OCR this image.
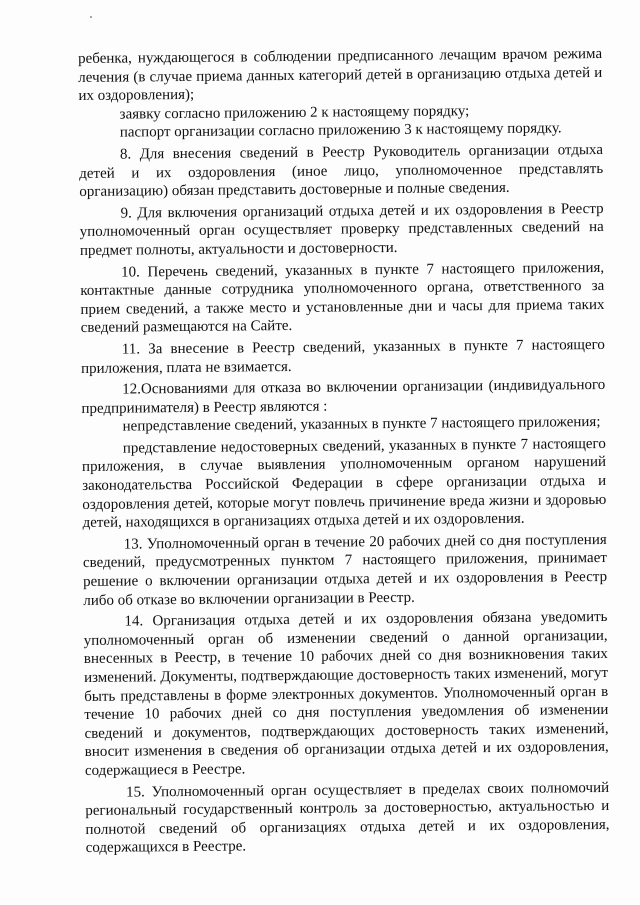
ребенка, нуждающегося в соблюдении предписанного лечащим врачом режима лечения (в случае приема данных категорий детей в организацию отдыха детей и их оздоровления);

заявку согласно приложению 2 к настоящему порядку;

паспорт организации согласно приложению 3 к настоящему порядку.

8. Для внесения сведений в Реестр Руководитель организации отдыха детей и их оздоровления (иное лицо, уполномоченное представлять организацию) обязан представить достоверные и полные сведения.

9. Для включения организаций отдыха детей и их оздоровления в Реестр уполномоченный орган осуществляет проверку представленных сведений на предмет полноты, актуальности и достоверности.

10. Перечень сведений, указанных в пункте 7 настоящего приложения, контактные данные сотрудника уполномоченного органа, ответственного за прием сведений, а также место и установленные дни и часы для приема таких сведений размещаются на Сайте.

11. За внесение в Реестр сведений, указанных в пункте 7 настоящего приложения, плата не взимается.

12.Основаниями для отказа во включении организации (индивидуального предпринимателя) в Реестр являются :

непредставление сведений, указанных в пункте 7 настоящего приложения;

представление недостоверных сведений, указанных в пункте 7 настоящего приложения, в случае выявления уполномоченным органом нарушений законодательства Российской Федерации в сфере организации отдыха и оздоровления детей, которые могут повлечь причинение вреда жизни и здоровью детей, находящихся в организациях отдыха детей и их оздоровления.

13. Уполномоченный орган в течение 20 рабочих дней со дня поступления сведений, предусмотренных пунктом 7 настоящего приложения, принимает решение о включении организации отдыха детей и их оздоровления в Реестр либо об отказе во включении организации в Реестр.

14. Организация отдыха детей и их оздоровления обязана уведомить уполномоченный орган об изменении сведений о данной организации, внесенных в Реестр, в течение 10 рабочих дней со дня возникновения таких изменений. Документы, подтверждающие достоверность таких изменений, могут быть представлены в форме электронных документов. Уполномоченный орган в течение 10 рабочих дней со дня поступления уведомления об изменении сведений и документов, подтверждающих достоверность таких изменений, вносит изменения в сведения об организации отдыха детей и их оздоровления, содержащиеся в Реестре.

15. Уполномоченный орган осуществляет в пределах своих полномочий региональный государственный контроль за достоверностью, актуальностью и полнотой сведений об организациях отдыха детей и их оздоровления, содержащихся в Реестре.
